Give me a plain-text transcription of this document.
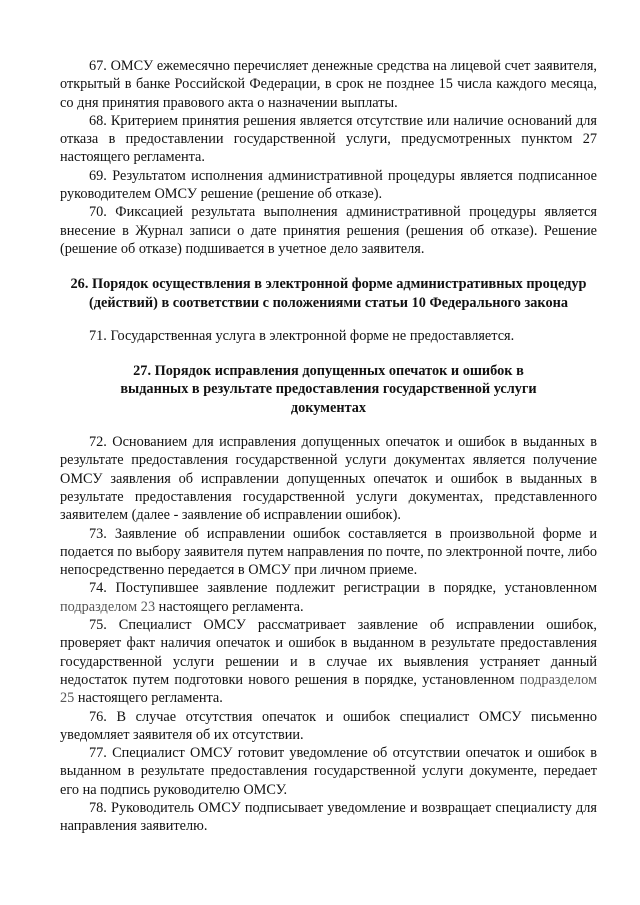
67. ОМСУ ежемесячно перечисляет денежные средства на лицевой счет заявителя, открытый в банке Российской Федерации, в срок не позднее 15 числа каждого месяца, со дня принятия правового акта о назначении выплаты.

68. Критерием принятия решения является отсутствие или наличие оснований для отказа в предоставлении государственной услуги, предусмотренных пунктом 27 настоящего регламента.

69. Результатом исполнения административной процедуры является подписанное руководителем ОМСУ решение (решение об отказе).

70. Фиксацией результата выполнения административной процедуры является внесение в Журнал записи о дате принятия решения (решения об отказе). Решение (решение об отказе) подшивается в учетное дело заявителя.

26. Порядок осуществления в электронной форме административных процедур (действий) в соответствии с положениями статьи 10 Федерального закона

71. Государственная услуга в электронной форме не предоставляется.

27. Порядок исправления допущенных опечаток и ошибок в выданных в результате предоставления государственной услуги документах

72. Основанием для исправления допущенных опечаток и ошибок в выданных в результате предоставления государственной услуги документах является получение ОМСУ заявления об исправлении допущенных опечаток и ошибок в выданных в результате предоставления государственной услуги документах, представленного заявителем (далее - заявление об исправлении ошибок).

73. Заявление об исправлении ошибок составляется в произвольной форме и подается по выбору заявителя путем направления по почте, по электронной почте, либо непосредственно передается в ОМСУ при личном приеме.

74. Поступившее заявление подлежит регистрации в порядке, установленном подразделом 23 настоящего регламента.

75. Специалист ОМСУ рассматривает заявление об исправлении ошибок, проверяет факт наличия опечаток и ошибок в выданном в результате предоставления государственной услуги решении и в случае их выявления устраняет данный недостаток путем подготовки нового решения в порядке, установленном подразделом 25 настоящего регламента.

76. В случае отсутствия опечаток и ошибок специалист ОМСУ письменно уведомляет заявителя об их отсутствии.

77. Специалист ОМСУ готовит уведомление об отсутствии опечаток и ошибок в выданном в результате предоставления государственной услуги документе, передает его на подпись руководителю ОМСУ.

78. Руководитель ОМСУ подписывает уведомление и возвращает специалисту для направления заявителю.
